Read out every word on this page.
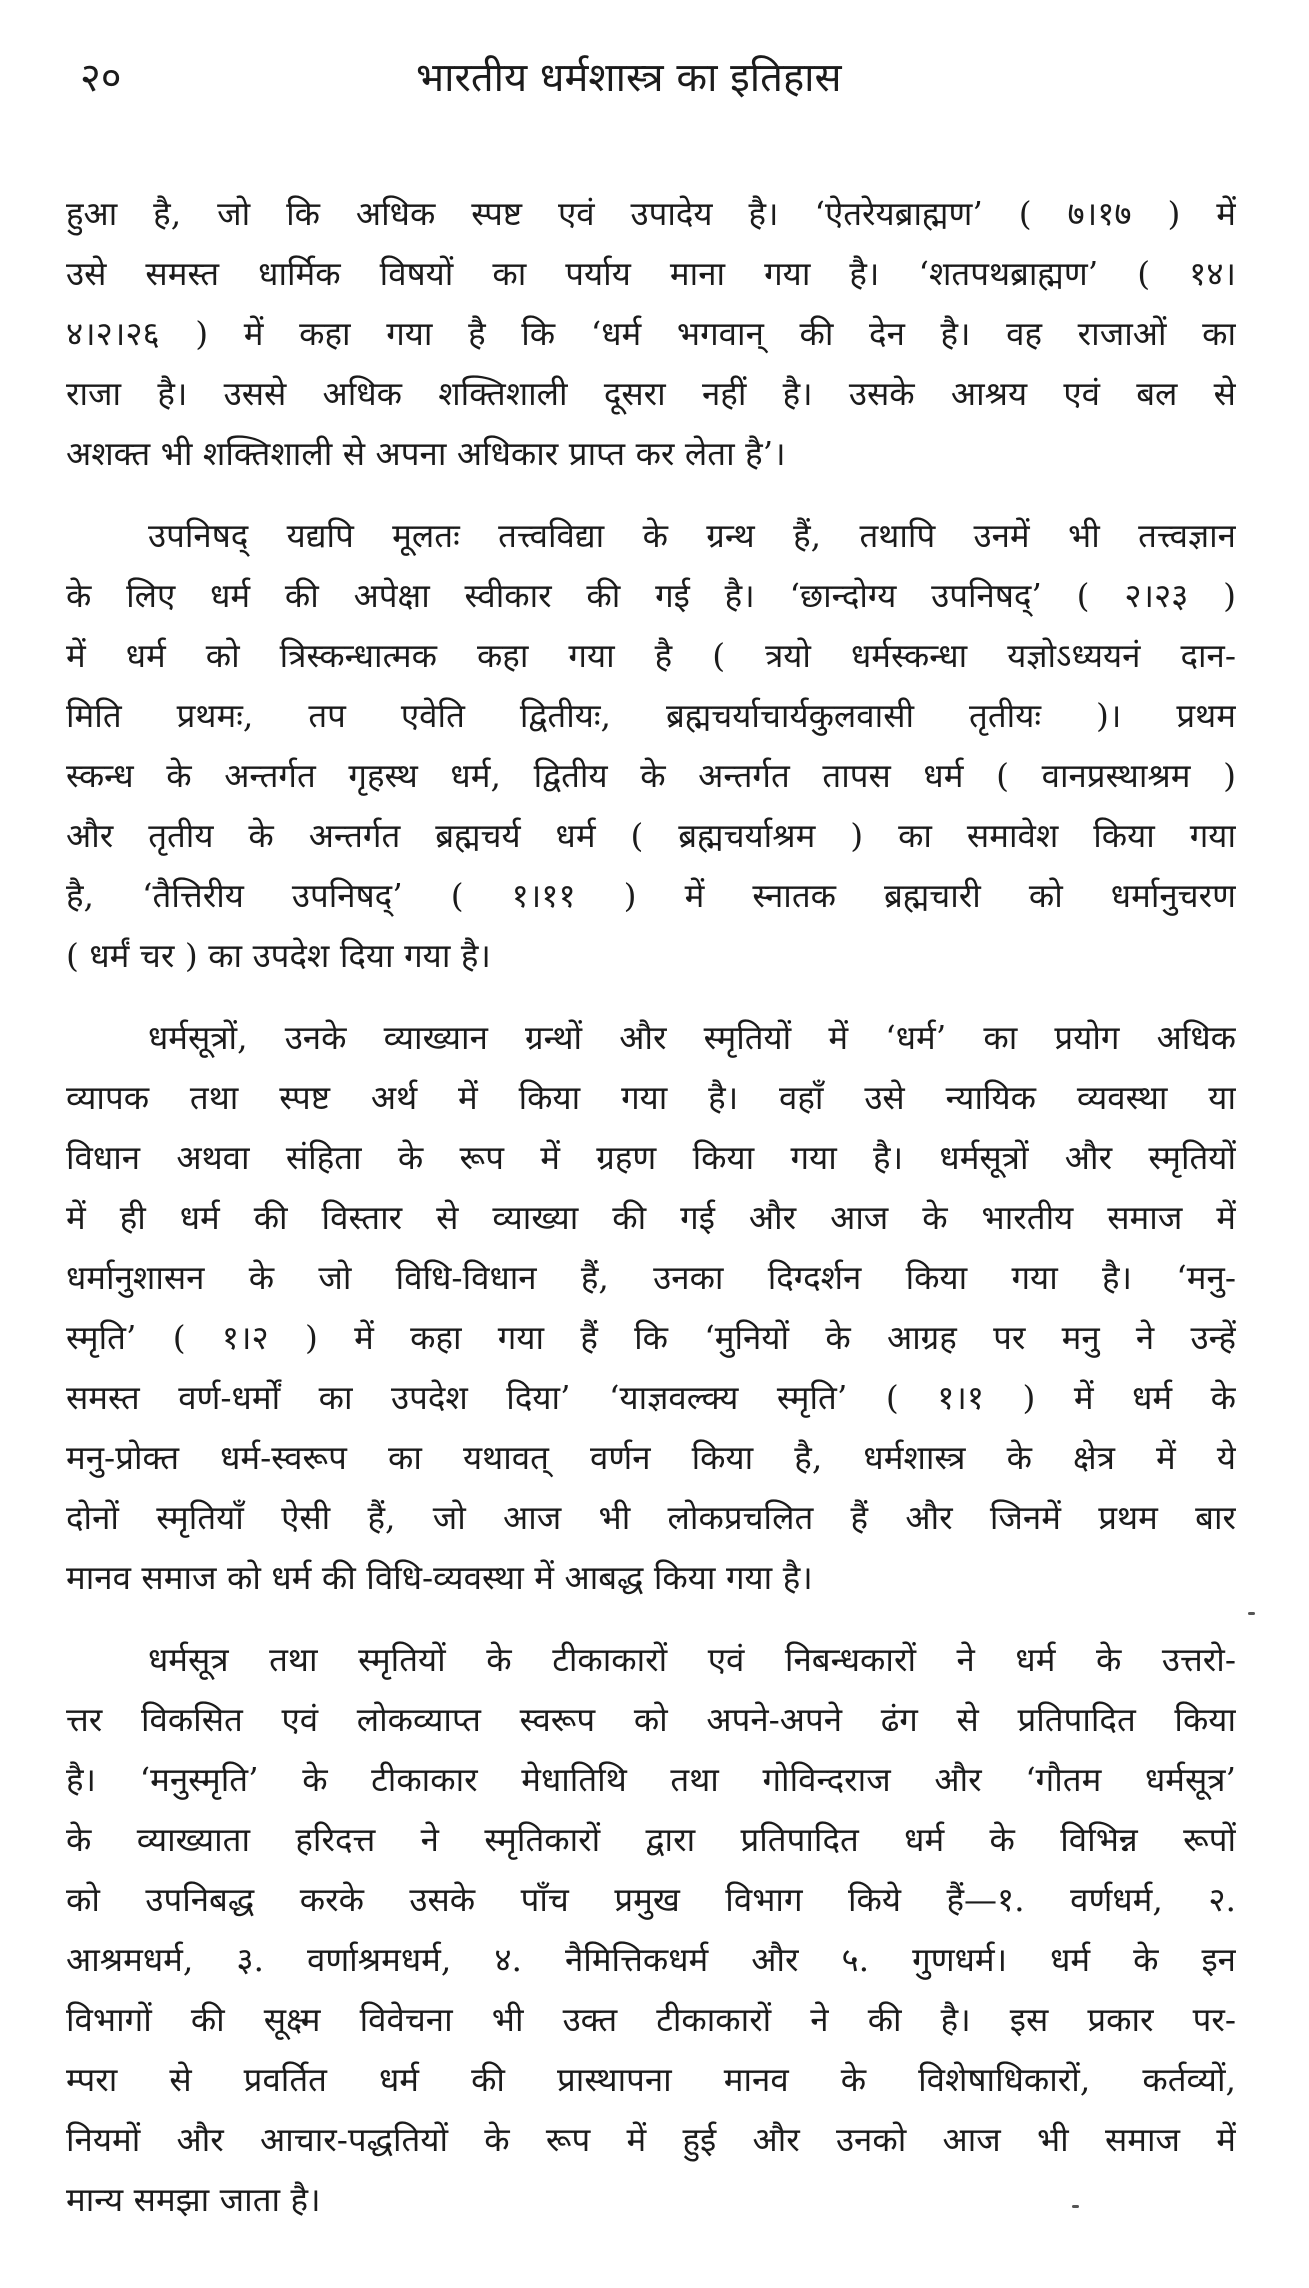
२०	भारतीय धर्मशास्त्र का इतिहास
हुआ है, जो कि अधिक स्पष्ट एवं उपादेय है। ‘ऐतरेयब्राह्मण’ ( ७।१७ ) में
उसे समस्त धार्मिक विषयों का पर्याय माना गया है। ‘शतपथब्राह्मण’ ( १४।
४।२।२६ ) में कहा गया है कि ‘धर्म भगवान् की देन है। वह राजाओं का
राजा है। उससे अधिक शक्तिशाली दूसरा नहीं है। उसके आश्रय एवं बल से
अशक्त भी शक्तिशाली से अपना अधिकार प्राप्त कर लेता है’।
उपनिषद् यद्यपि मूलतः तत्त्वविद्या के ग्रन्थ हैं, तथापि उनमें भी तत्त्वज्ञान
के लिए धर्म की अपेक्षा स्वीकार की गई है। ‘छान्दोग्य उपनिषद्’ ( २।२३ )
में धर्म को त्रिस्कन्धात्मक कहा गया है ( त्रयो धर्मस्कन्धा यज्ञोऽध्ययनं दान-
मिति प्रथमः, तप एवेति द्वितीयः, ब्रह्मचर्याचार्यकुलवासी तृतीयः )। प्रथम
स्कन्ध के अन्तर्गत गृहस्थ धर्म, द्वितीय के अन्तर्गत तापस धर्म ( वानप्रस्थाश्रम )
और तृतीय के अन्तर्गत ब्रह्मचर्य धर्म ( ब्रह्मचर्याश्रम ) का समावेश किया गया
है, ‘तैत्तिरीय उपनिषद्’ ( १।११ ) में स्नातक ब्रह्मचारी को धर्मानुचरण
( धर्मं चर ) का उपदेश दिया गया है।
धर्मसूत्रों, उनके व्याख्यान ग्रन्थों और स्मृतियों में ‘धर्म’ का प्रयोग अधिक
व्यापक तथा स्पष्ट अर्थ में किया गया है। वहाँ उसे न्यायिक व्यवस्था या
विधान अथवा संहिता के रूप में ग्रहण किया गया है। धर्मसूत्रों और स्मृतियों
में ही धर्म की विस्तार से व्याख्या की गई और आज के भारतीय समाज में
धर्मानुशासन के जो विधि-विधान हैं, उनका दिग्दर्शन किया गया है। ‘मनु-
स्मृति’ ( १।२ ) में कहा गया हैं कि ‘मुनियों के आग्रह पर मनु ने उन्हें
समस्त वर्ण-धर्मों का उपदेश दिया’ ‘याज्ञवल्क्य स्मृति’ ( १।१ ) में धर्म के
मनु-प्रोक्त धर्म-स्वरूप का यथावत् वर्णन किया है, धर्मशास्त्र के क्षेत्र में ये
दोनों स्मृतियाँ ऐसी हैं, जो आज भी लोकप्रचलित हैं और जिनमें प्रथम बार
मानव समाज को धर्म की विधि-व्यवस्था में आबद्ध किया गया है।
धर्मसूत्र तथा स्मृतियों के टीकाकारों एवं निबन्धकारों ने धर्म के उत्तरो-
त्तर विकसित एवं लोकव्याप्त स्वरूप को अपने-अपने ढंग से प्रतिपादित किया
है। ‘मनुस्मृति’ के टीकाकार मेधातिथि तथा गोविन्दराज और ‘गौतम धर्मसूत्र’
के व्याख्याता हरिदत्त ने स्मृतिकारों द्वारा प्रतिपादित धर्म के विभिन्न रूपों
को उपनिबद्ध करके उसके पाँच प्रमुख विभाग किये हैं—१. वर्णधर्म, २.
आश्रमधर्म, ३. वर्णाश्रमधर्म, ४. नैमित्तिकधर्म और ५. गुणधर्म। धर्म के इन
विभागों की सूक्ष्म विवेचना भी उक्त टीकाकारों ने की है। इस प्रकार पर-
म्परा से प्रवर्तित धर्म की प्रास्थापना मानव के विशेषाधिकारों, कर्तव्यों,
नियमों और आचार-पद्धतियों के रूप में हुई और उनको आज भी समाज में
मान्य समझा जाता है।
